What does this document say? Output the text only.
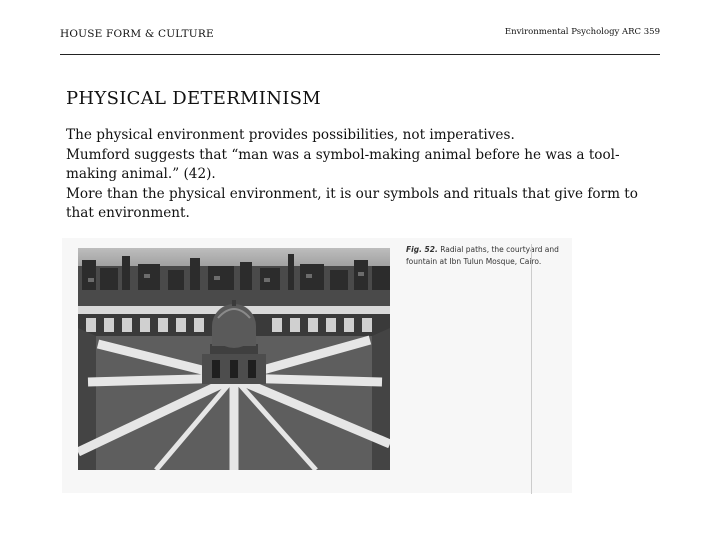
HOUSE FORM & CULTURE	Environmental Psychology ARC 359
PHYSICAL DETERMINISM

The physical environment provides possibilities, not imperatives.

Mumford suggests that “man was a symbol-making animal before he was a tool-making animal.” (42).

More than the physical environment, it is our symbols and rituals that give form to that environment.

Fig. 52. Radial paths, the courtyard and fountain at Ibn Tulun Mosque, Cairo.
